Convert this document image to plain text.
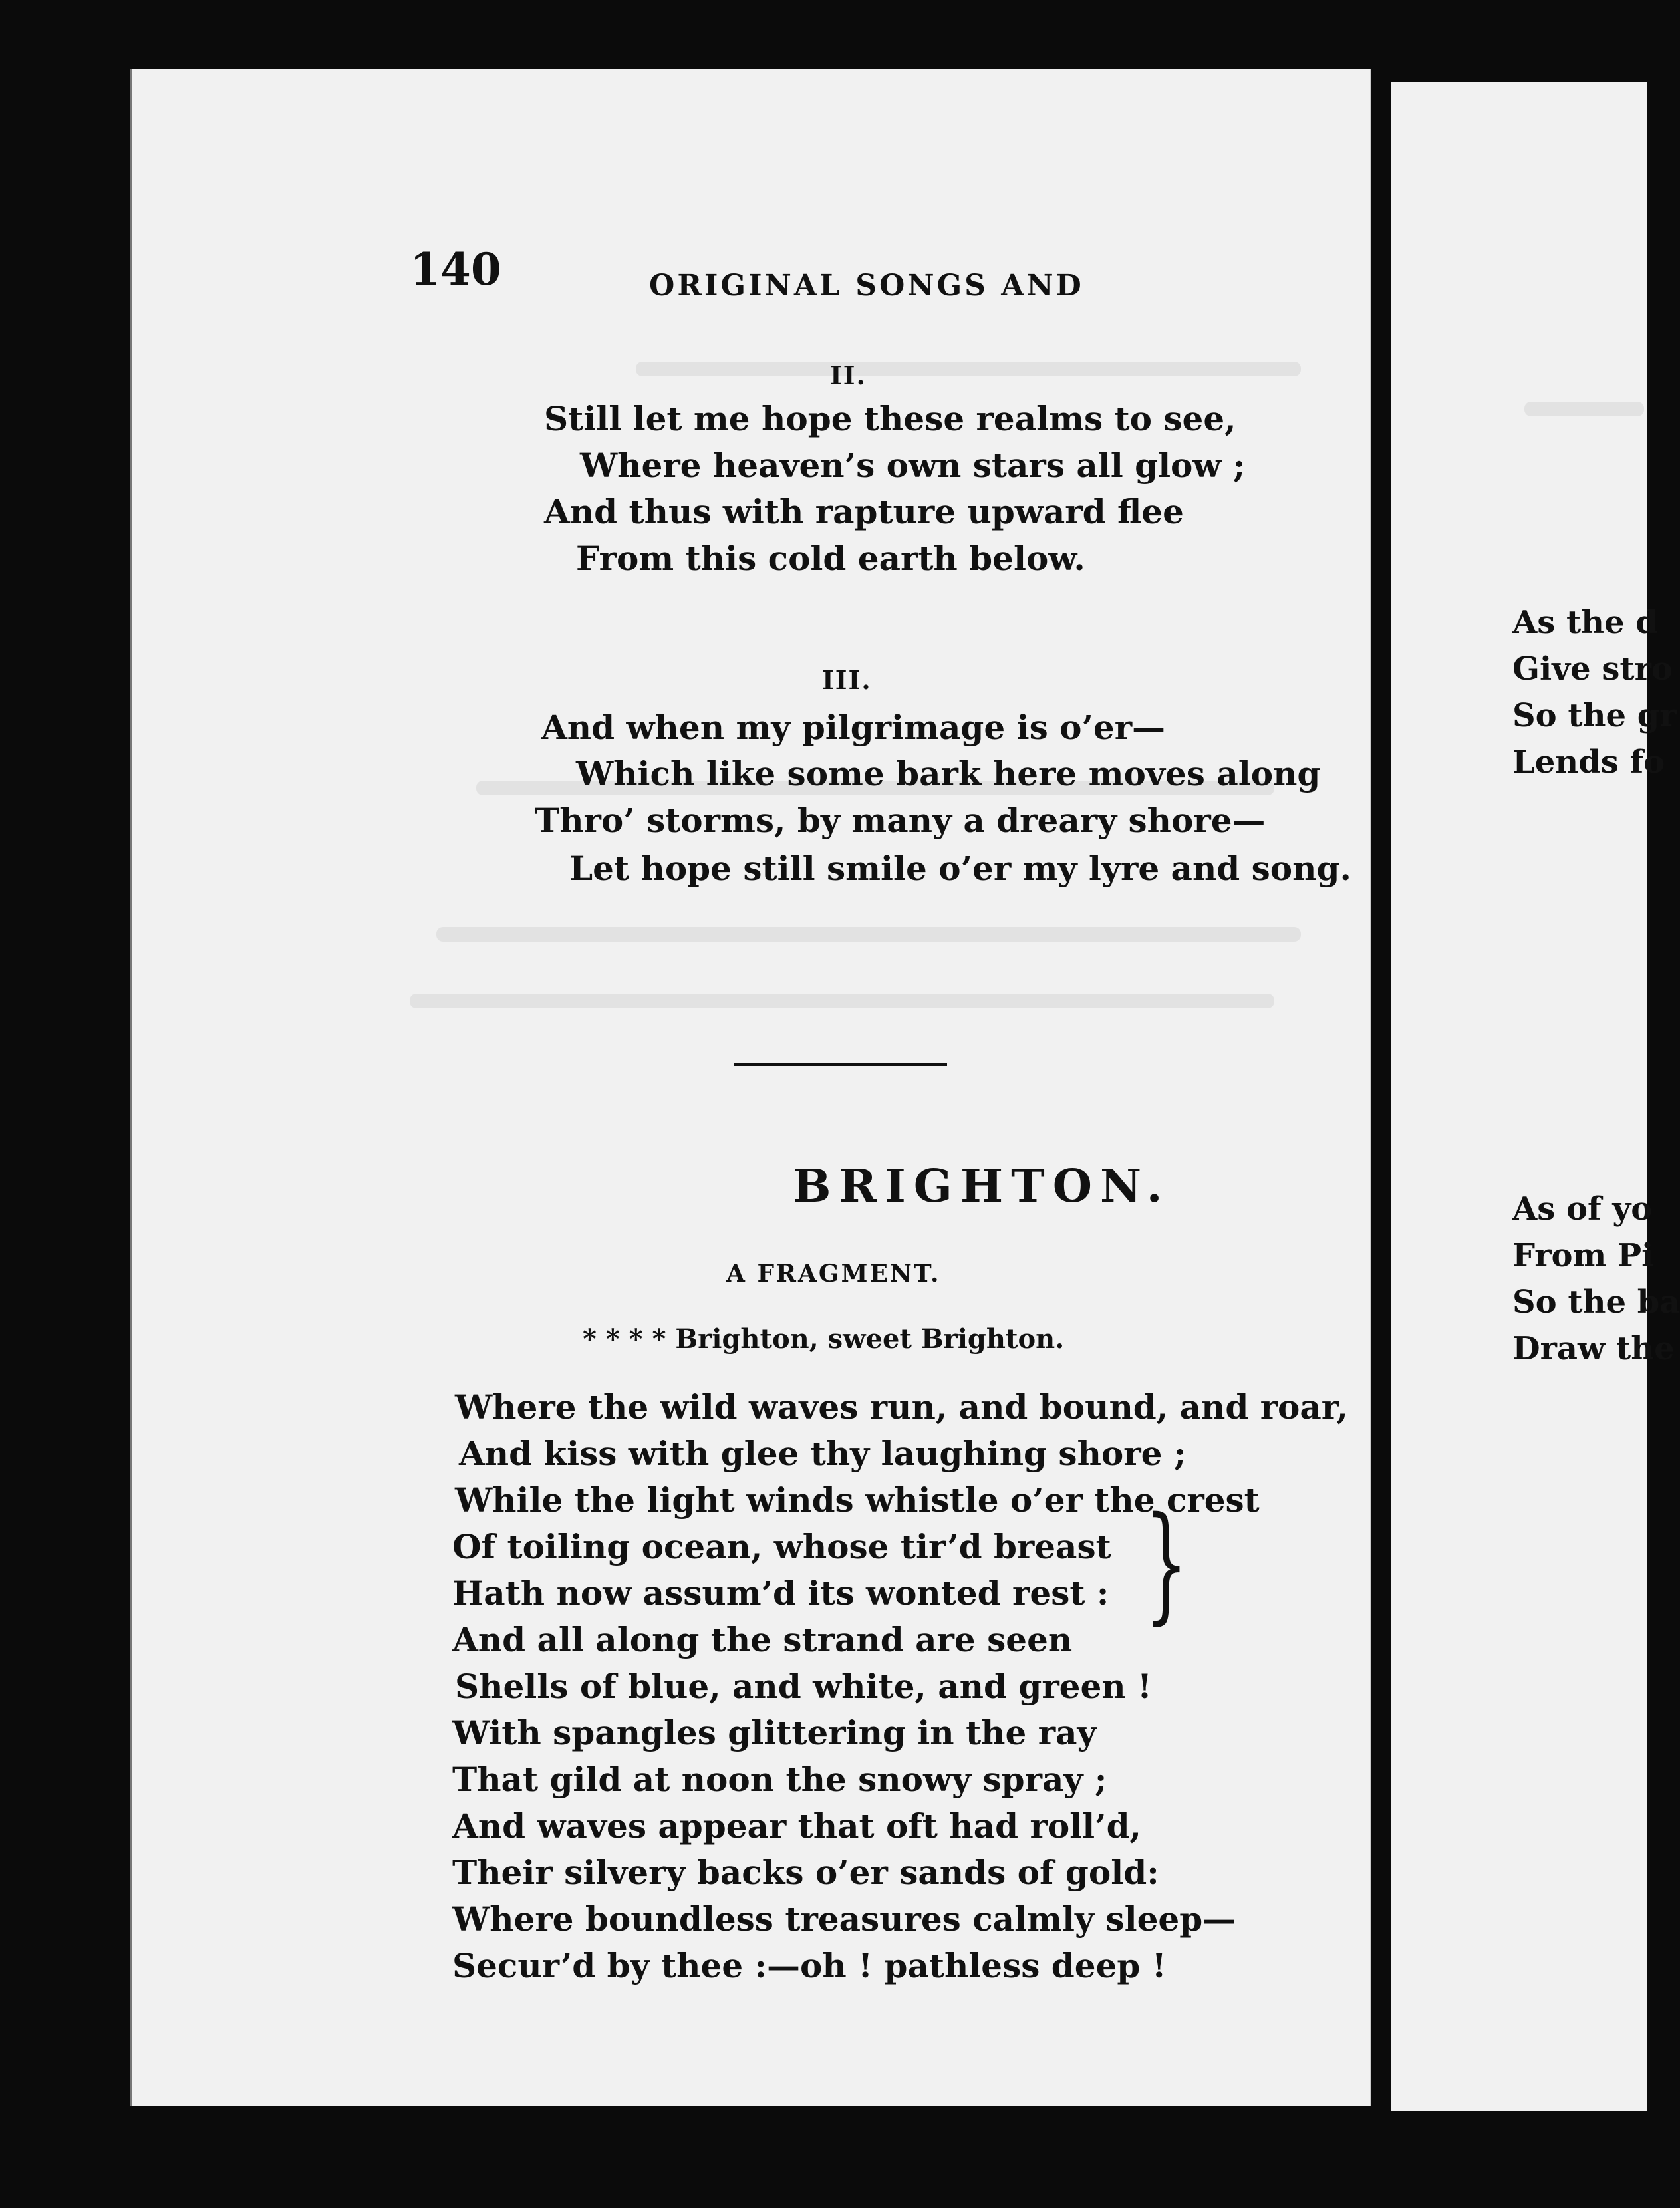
140	ORIGINAL SONGS AND
II.
Still let me hope these realms to see,
Where heaven’s own stars all glow ;
And thus with rapture upward flee
From this cold earth below.
III.
And when my pilgrimage is o’er—
Which like some bark here moves along
Thro’ storms, by many a dreary shore—
Let hope still smile o’er my lyre and song.
BRIGHTON.
A FRAGMENT.
* * * * Brighton, sweet Brighton.
Where the wild waves run, and bound, and roar,
And kiss with glee thy laughing shore ;
While the light winds whistle o’er the crest
Of toiling ocean, whose tir’d breast
Hath now assum’d its wonted rest :
And all along the strand are seen
Shells of blue, and white, and green !
With spangles glittering in the ray
That gild at noon the snowy spray ;
And waves appear that oft had roll’d,
Their silvery backs o’er sands of gold:
Where boundless treasures calmly sleep—
Secur’d by thee :—oh ! pathless deep !
}
As the d
Give stro
So the gr
Lends fo
As of yo
From Pi
So the ba
Draw the
